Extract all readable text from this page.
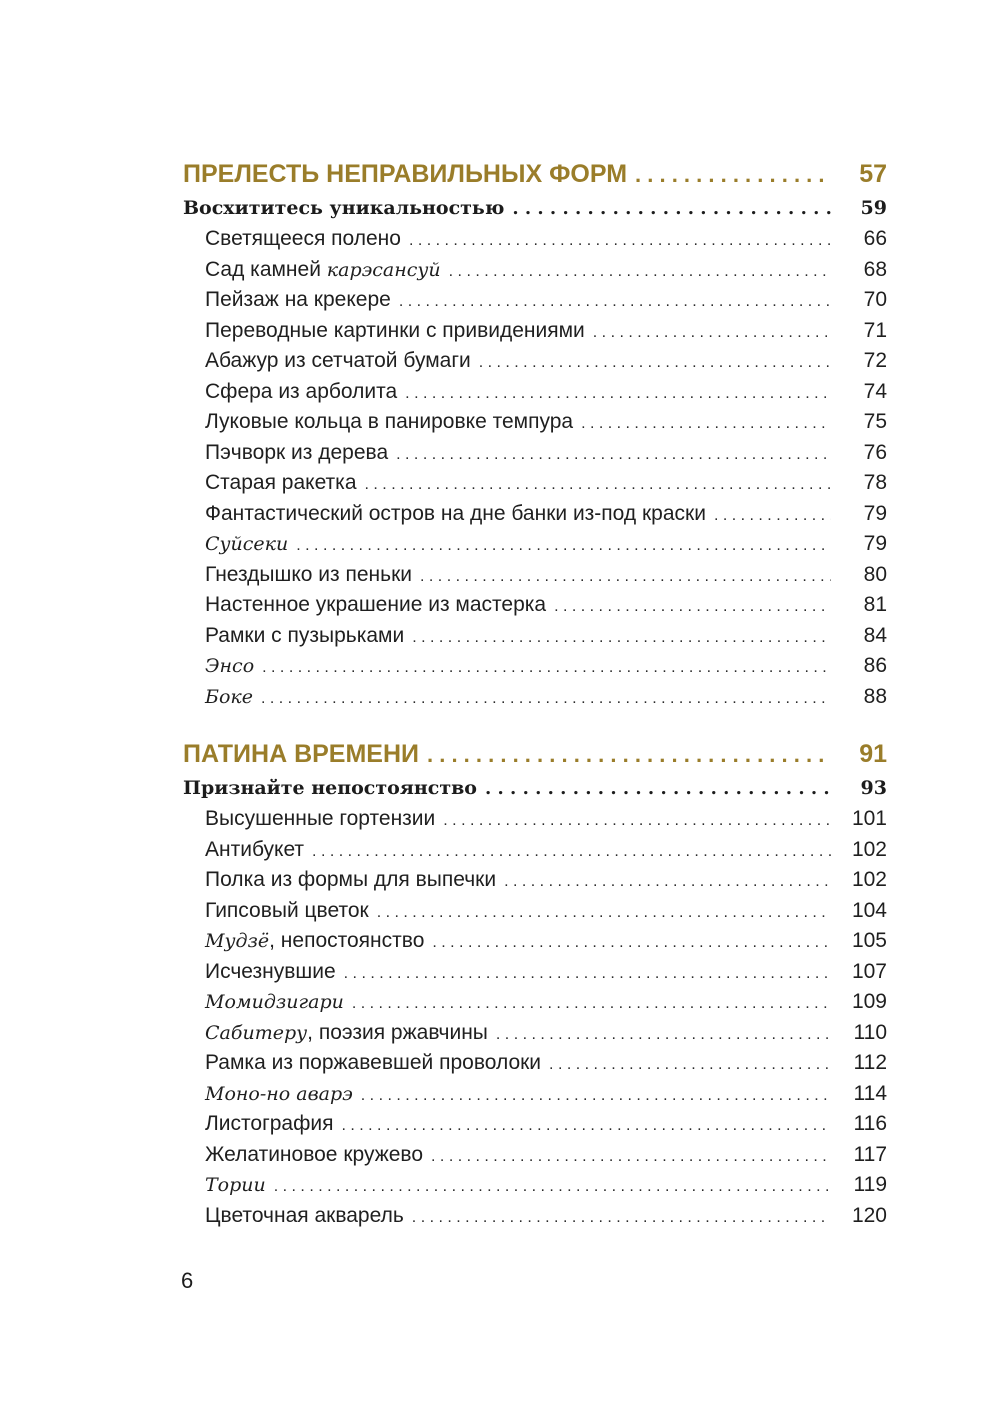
ПРЕЛЕСТЬ НЕПРАВИЛЬНЫХ ФОРМ . . .	57
Восхититесь уникальностью . . .	59
Светящееся полено . . .	66
Сад камней карэсансуй . . .	68
Пейзаж на крекере . . .	70
Переводные картинки с привидениями . . .	71
Абажур из сетчатой бумаги . . .	72
Сфера из арболита . . .	74
Луковые кольца в панировке темпура . . .	75
Пэчворк из дерева . . .	76
Старая ракетка . . .	78
Фантастический остров на дне банки из-под краски . . .	79
Суйсеки . . .	79
Гнездышко из пеньки . . .	80
Настенное украшение из мастерка . . .	81
Рамки с пузырьками . . .	84
Энсо . . .	86
Боке . . .	88
ПАТИНА ВРЕМЕНИ . . .	91
Признайте непостоянство . . .	93
Высушенные гортензии . . .	101
Антибукет . . .	102
Полка из формы для выпечки . . .	102
Гипсовый цветок . . .	104
Мудзё, непостоянство . . .	105
Исчезнувшие . . .	107
Момидзигари . . .	109
Сабитеру, поэзия ржавчины . . .	110
Рамка из поржавевшей проволоки . . .	112
Моно-но аварэ . . .	114
Листография . . .	116
Желатиновое кружево . . .	117
Тории . . .	119
Цветочная акварель . . .	120
6
